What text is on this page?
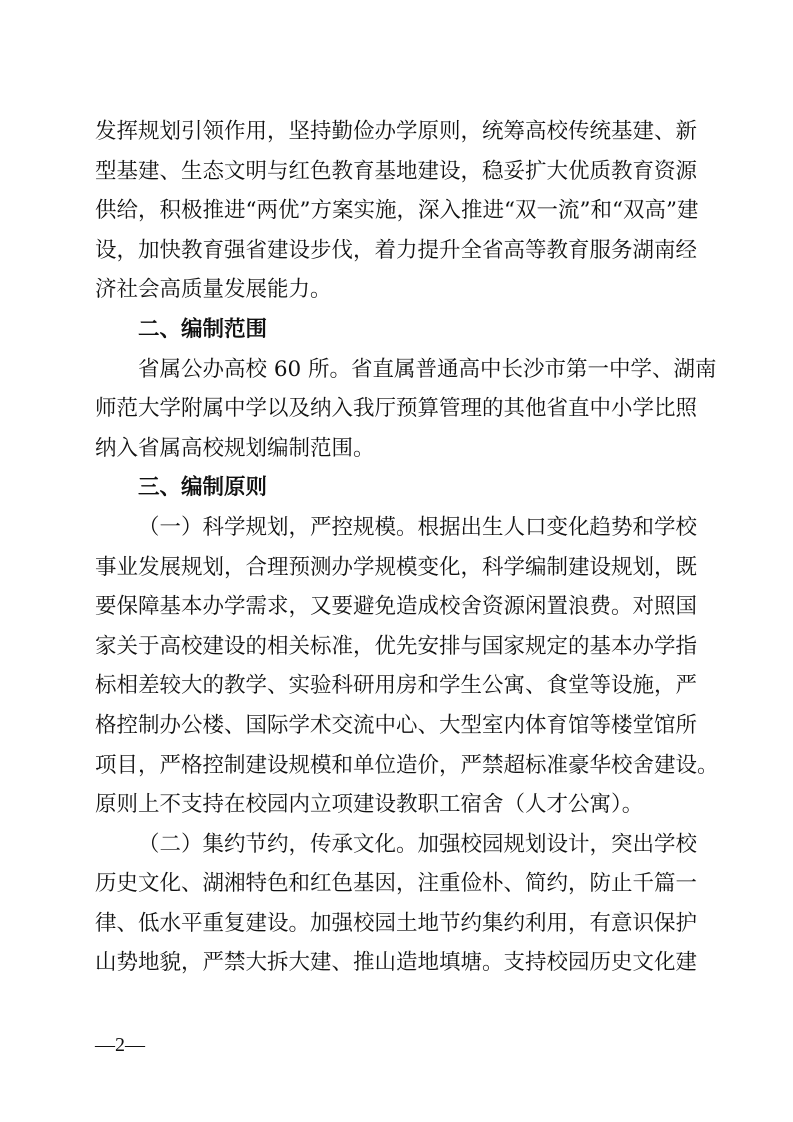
发挥规划引领作用，坚持勤俭办学原则，统筹高校传统基建、新
型基建、生态文明与红色教育基地建设，稳妥扩大优质教育资源
供给，积极推进“两优”方案实施，深入推进“双一流”和“双高”建
设，加快教育强省建设步伐，着力提升全省高等教育服务湖南经
济社会高质量发展能力。
二、编制范围
省属公办高校 60 所。省直属普通高中长沙市第一中学、湖南
师范大学附属中学以及纳入我厅预算管理的其他省直中小学比照
纳入省属高校规划编制范围。
三、编制原则
（一）科学规划，严控规模。根据出生人口变化趋势和学校
事业发展规划，合理预测办学规模变化，科学编制建设规划，既
要保障基本办学需求，又要避免造成校舍资源闲置浪费。对照国
家关于高校建设的相关标准，优先安排与国家规定的基本办学指
标相差较大的教学、实验科研用房和学生公寓、食堂等设施，严
格控制办公楼、国际学术交流中心、大型室内体育馆等楼堂馆所
项目，严格控制建设规模和单位造价，严禁超标准豪华校舍建设。
原则上不支持在校园内立项建设教职工宿舍（人才公寓）。
（二）集约节约，传承文化。加强校园规划设计，突出学校
历史文化、湖湘特色和红色基因，注重俭朴、简约，防止千篇一
律、低水平重复建设。加强校园土地节约集约利用，有意识保护
山势地貌，严禁大拆大建、推山造地填塘。支持校园历史文化建
—2—
